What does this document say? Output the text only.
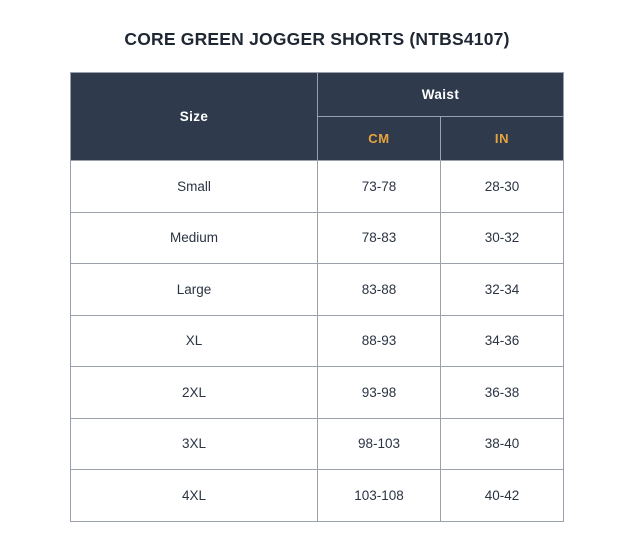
CORE GREEN JOGGER SHORTS (NTBS4107)
Size	Waist	
	CM	IN
Small	73-78	28-30
Medium	78-83	30-32
Large	83-88	32-34
XL	88-93	34-36
2XL	93-98	36-38
3XL	98-103	38-40
4XL	103-108	40-42
